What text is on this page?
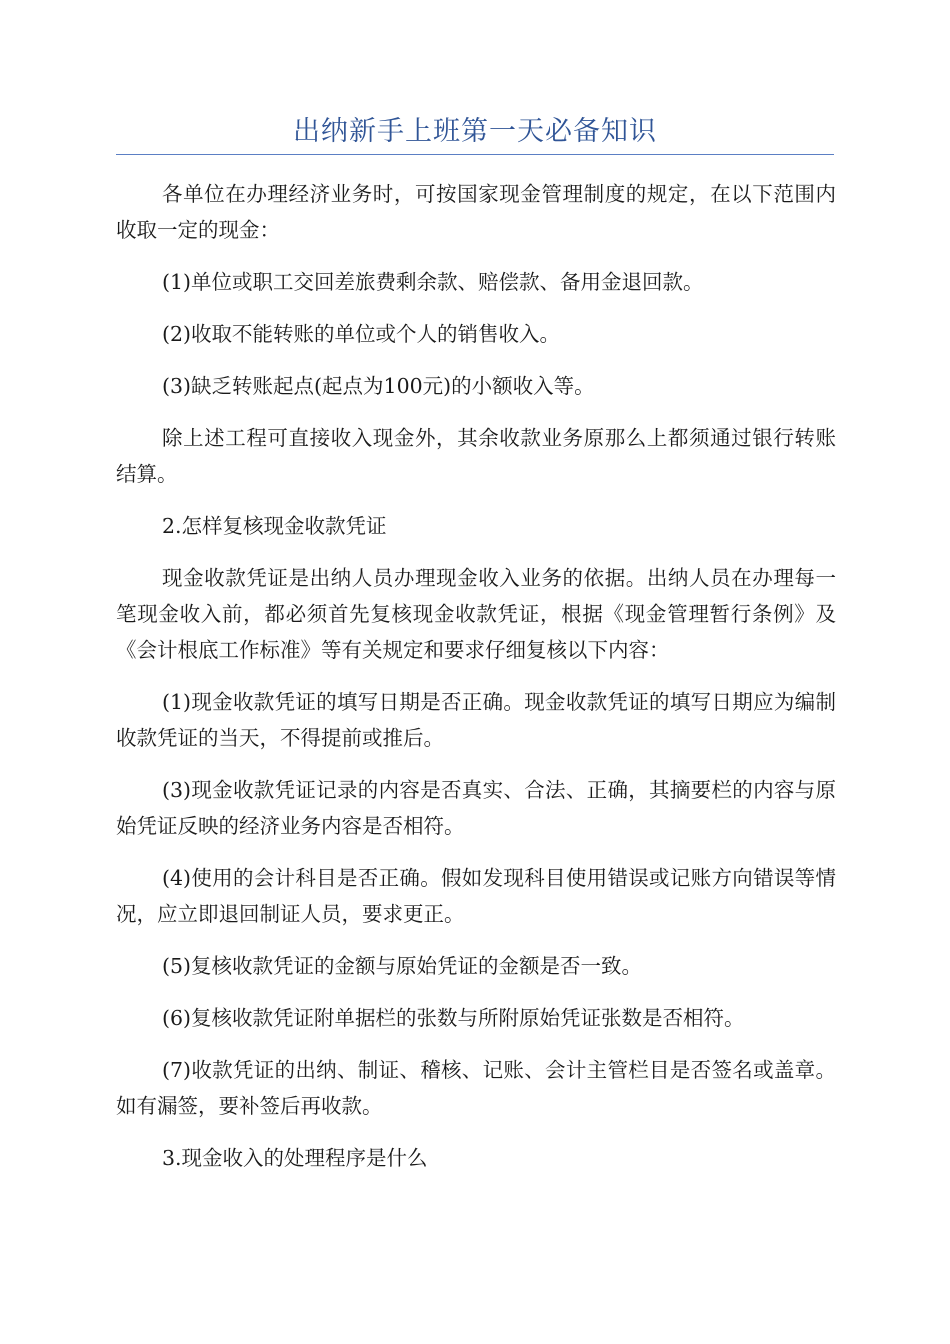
出纳新手上班第一天必备知识

各单位在办理经济业务时，可按国家现金管理制度的规定，在以下范围内收取一定的现金：

(1)单位或职工交回差旅费剩余款、赔偿款、备用金退回款。

(2)收取不能转账的单位或个人的销售收入。

(3)缺乏转账起点(起点为100元)的小额收入等。

除上述工程可直接收入现金外，其余收款业务原那么上都须通过银行转账结算。

2.怎样复核现金收款凭证

现金收款凭证是出纳人员办理现金收入业务的依据。出纳人员在办理每一笔现金收入前，都必须首先复核现金收款凭证，根据《现金管理暂行条例》及《会计根底工作标准》等有关规定和要求仔细复核以下内容：

(1)现金收款凭证的填写日期是否正确。现金收款凭证的填写日期应为编制收款凭证的当天，不得提前或推后。

(3)现金收款凭证记录的内容是否真实、合法、正确，其摘要栏的内容与原始凭证反映的经济业务内容是否相符。

(4)使用的会计科目是否正确。假如发现科目使用错误或记账方向错误等情况，应立即退回制证人员，要求更正。

(5)复核收款凭证的金额与原始凭证的金额是否一致。

(6)复核收款凭证附单据栏的张数与所附原始凭证张数是否相符。

(7)收款凭证的出纳、制证、稽核、记账、会计主管栏目是否签名或盖章。如有漏签，要补签后再收款。

3.现金收入的处理程序是什么
